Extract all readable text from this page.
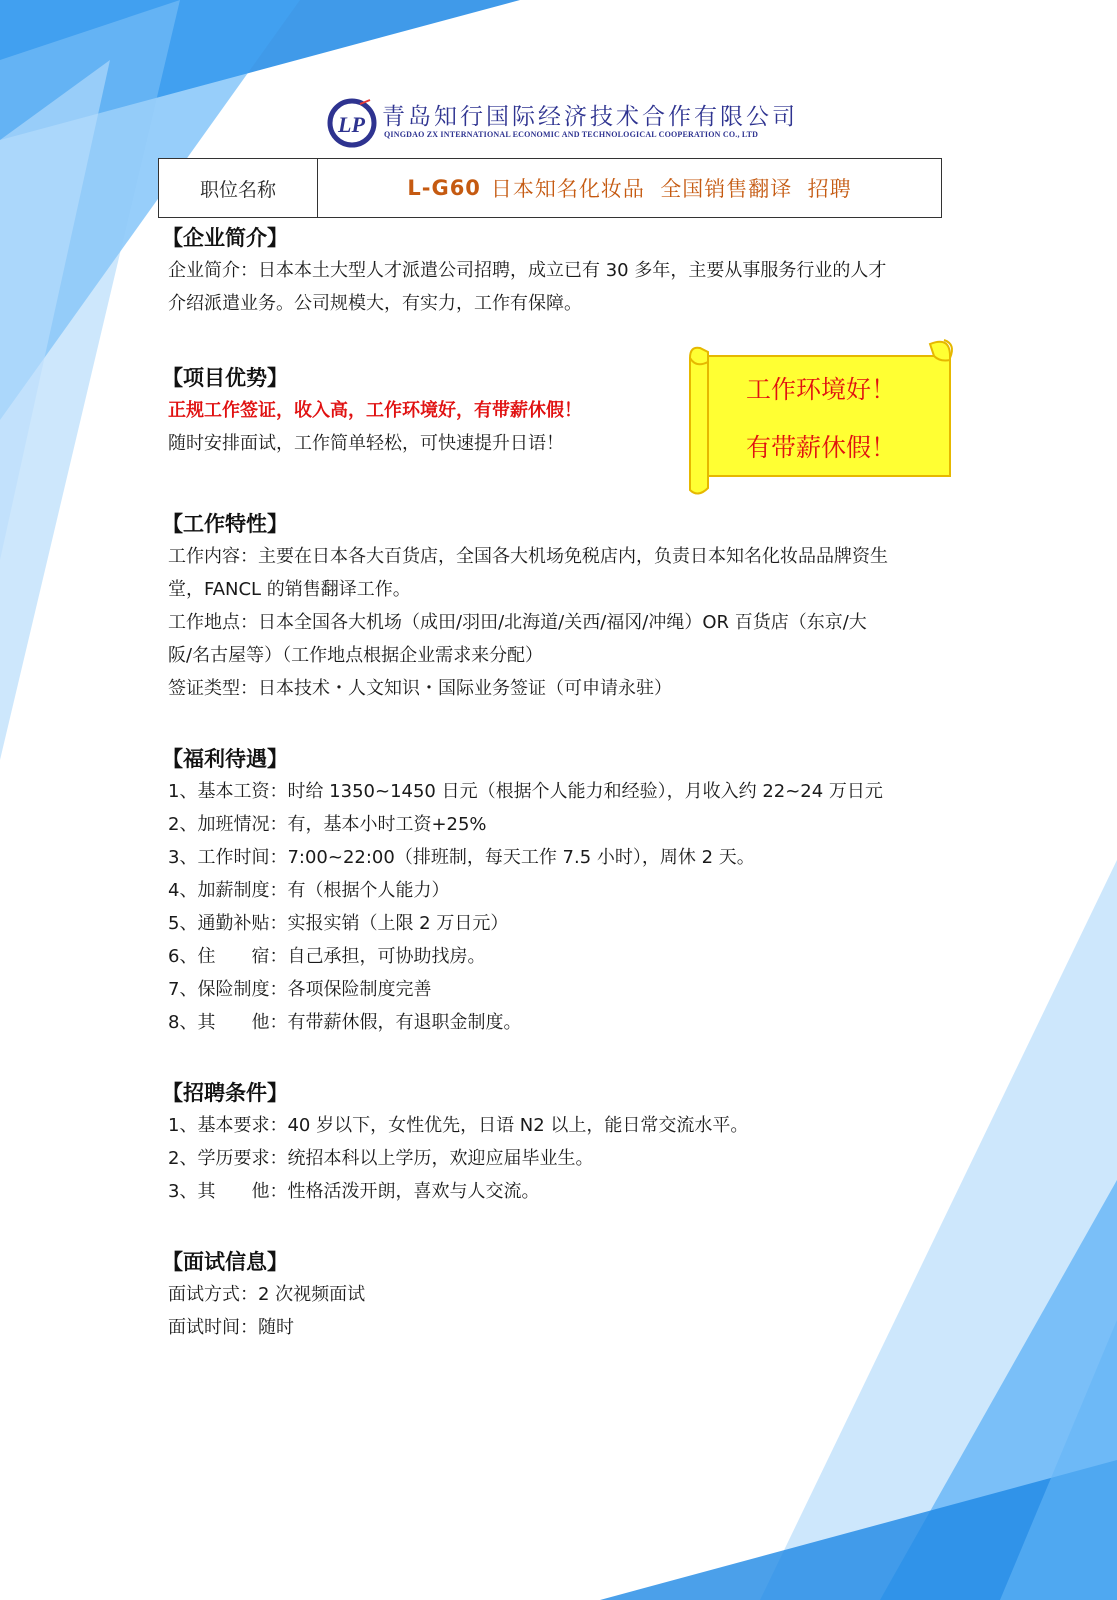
LP 青岛知行国际经济技术合作有限公司
QINGDAO ZX INTERNATIONAL ECONOMIC AND TECHNOLOGICAL COOPERATION CO., LTD
职位名称	L-G60 日本知名化妆品  全国销售翻译  招聘
工作环境好！
有带薪休假！
【企业简介】
企业简介：日本本土大型人才派遣公司招聘，成立已有 30 多年，主要从事服务行业的人才
介绍派遣业务。公司规模大，有实力，工作有保障。
【项目优势】
正规工作签证，收入高，工作环境好，有带薪休假！
随时安排面试，工作简单轻松，可快速提升日语！
【工作特性】
工作内容：主要在日本各大百货店，全国各大机场免税店内，负责日本知名化妆品品牌资生
堂，FANCL 的销售翻译工作。
工作地点：日本全国各大机场（成田/羽田/北海道/关西/福冈/冲绳）OR 百货店（东京/大
阪/名古屋等）（工作地点根据企业需求来分配）
签证类型：日本技术・人文知识・国际业务签证（可申请永驻）
【福利待遇】
1、基本工资：时给 1350~1450 日元（根据个人能力和经验），月收入约 22~24 万日元
2、加班情况：有，基本小时工资+25%
3、工作时间：7:00~22:00（排班制，每天工作 7.5 小时），周休 2 天。
4、加薪制度：有（根据个人能力）
5、通勤补贴：实报实销（上限 2 万日元）
6、住　　宿：自己承担，可协助找房。
7、保险制度：各项保险制度完善
8、其　　他：有带薪休假，有退职金制度。
【招聘条件】
1、基本要求：40 岁以下，女性优先，日语 N2 以上，能日常交流水平。
2、学历要求：统招本科以上学历，欢迎应届毕业生。
3、其　　他：性格活泼开朗，喜欢与人交流。
【面试信息】
面试方式：2 次视频面试
面试时间：随时
